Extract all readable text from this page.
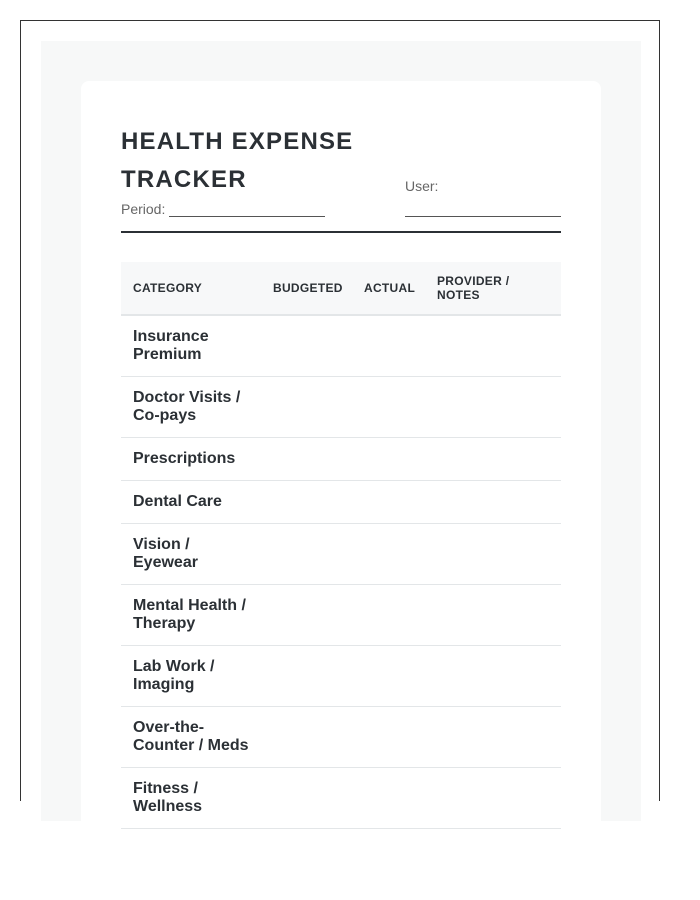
HEALTH EXPENSE TRACKER
Period:
User:
CATEGORY	BUDGETED	ACTUAL	PROVIDER / NOTES
Insurance Premium			
Doctor Visits / Co-pays			
Prescriptions			
Dental Care			
Vision / Eyewear			
Mental Health / Therapy			
Lab Work / Imaging			
Over-the-Counter / Meds			
Fitness / Wellness			
